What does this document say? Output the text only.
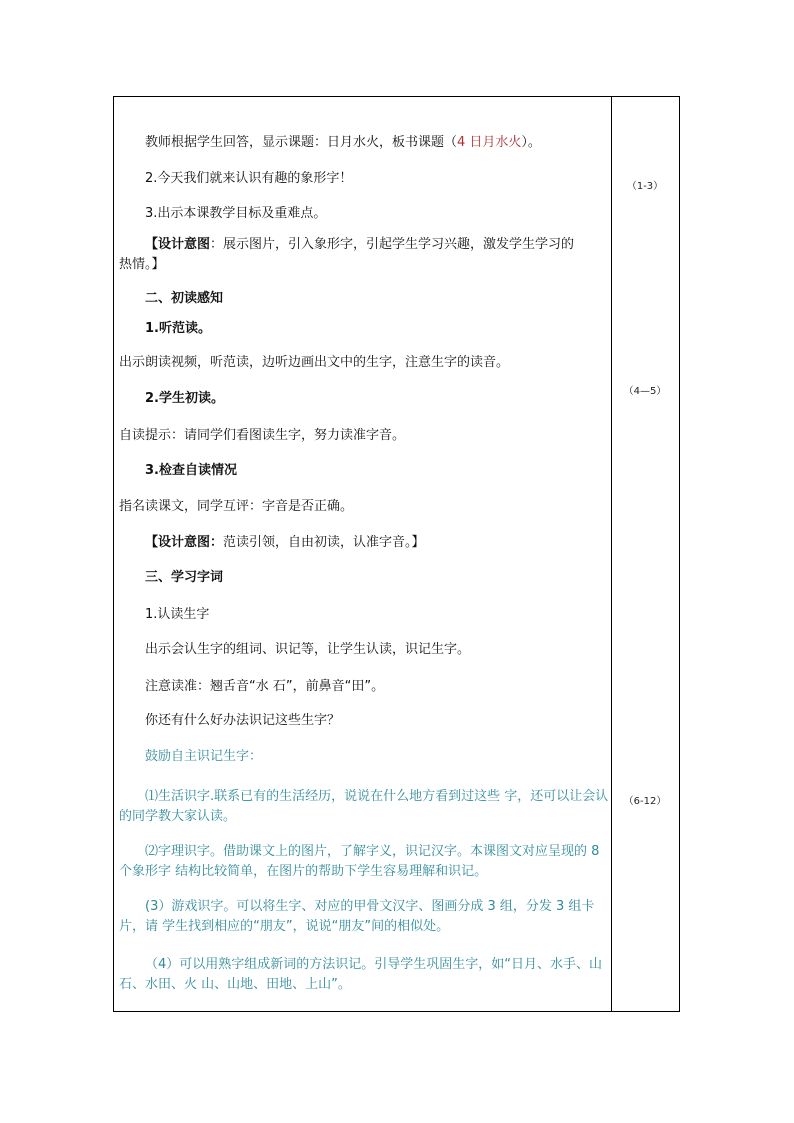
教师根据学生回答，显示课题：日月水火，板书课题（4 日月水火）。
2.今天我们就来认识有趣的象形字！
3.出示本课教学目标及重难点。
【设计意图：展示图片，引入象形字，引起学生学习兴趣，激发学生学习的
热情。】
二、初读感知
1.听范读。
出示朗读视频，听范读，边听边画出文中的生字，注意生字的读音。
2.学生初读。
自读提示：请同学们看图读生字，努力读准字音。
3.检查自读情况
指名读课文，同学互评：字音是否正确。
【设计意图：范读引领，自由初读，认准字音。】
三、学习字词
1.认读生字
出示会认生字的组词、识记等，让学生认读，识记生字。
注意读准：翘舌音“水 石”，前鼻音“田”。
你还有什么好办法识记这些生字？
鼓励自主识记生字：
⑴生活识字.联系已有的生活经历，说说在什么地方看到过这些 字，还可以让会认的同学教大家认读。
⑵字理识字。借助课文上的图片，了解字义，识记汉字。本课图文对应呈现的 8 个象形字 结构比较简单，在图片的帮助下学生容易理解和识记。
(3）游戏识字。可以将生字、对应的甲骨文汉字、图画分成 3 组，分发 3 组卡片，请 学生找到相应的“朋友”，说说“朋友”间的相似处。
（4）可以用熟字组成新词的方法识记。引导学生巩固生字，如“日月、水手、山石、水田、火 山、山地、田地、上山”。
（1-3）
（4—5）
（6-12）
